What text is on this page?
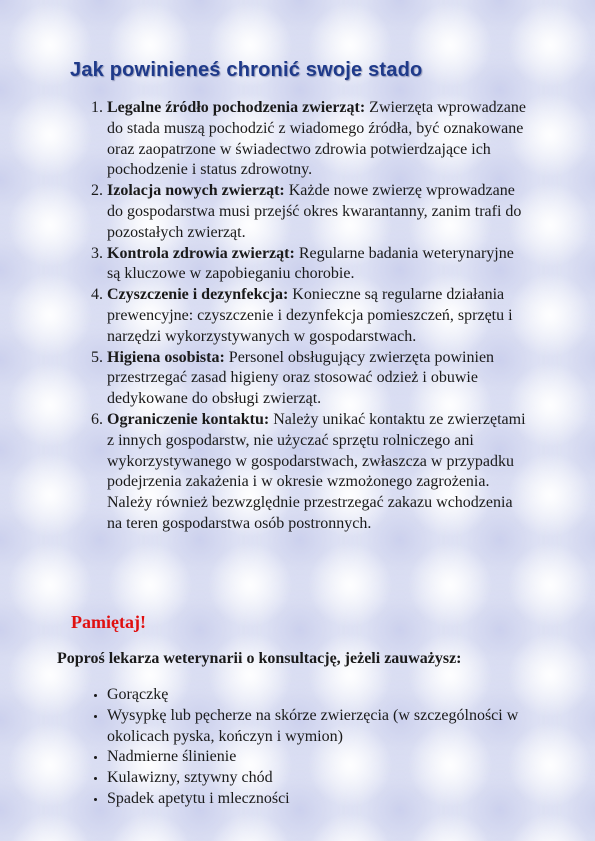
Jak powinieneś chronić swoje stado
1. Legalne źródło pochodzenia zwierząt: Zwierzęta wprowadzane do stada muszą pochodzić z wiadomego źródła, być oznakowane oraz zaopatrzone w świadectwo zdrowia potwierdzające ich pochodzenie i status zdrowotny.
2. Izolacja nowych zwierząt: Każde nowe zwierzę wprowadzane do gospodarstwa musi przejść okres kwarantanny, zanim trafi do pozostałych zwierząt.
3. Kontrola zdrowia zwierząt: Regularne badania weterynaryjne są kluczowe w zapobieganiu chorobie.
4. Czyszczenie i dezynfekcja: Konieczne są regularne działania prewencyjne: czyszczenie i dezynfekcja pomieszczeń, sprzętu i narzędzi wykorzystywanych w gospodarstwach.
5. Higiena osobista: Personel obsługujący zwierzęta powinien przestrzegać zasad higieny oraz stosować odzież i obuwie dedykowane do obsługi zwierząt.
6. Ograniczenie kontaktu: Należy unikać kontaktu ze zwierzętami z innych gospodarstw, nie użyczać sprzętu rolniczego ani wykorzystywanego w gospodarstwach, zwłaszcza w przypadku podejrzenia zakażenia i w okresie wzmożonego zagrożenia. Należy również bezwzględnie przestrzegać zakazu wchodzenia na teren gospodarstwa osób postronnych.

Pamiętaj!

Poproś lekarza weterynarii o konsultację, jeżeli zauważysz:

• Gorączkę
• Wysypkę lub pęcherze na skórze zwierzęcia (w szczególności w okolicach pyska, kończyn i wymion)
• Nadmierne ślinienie
• Kulawizny, sztywny chód
• Spadek apetytu i mleczności
